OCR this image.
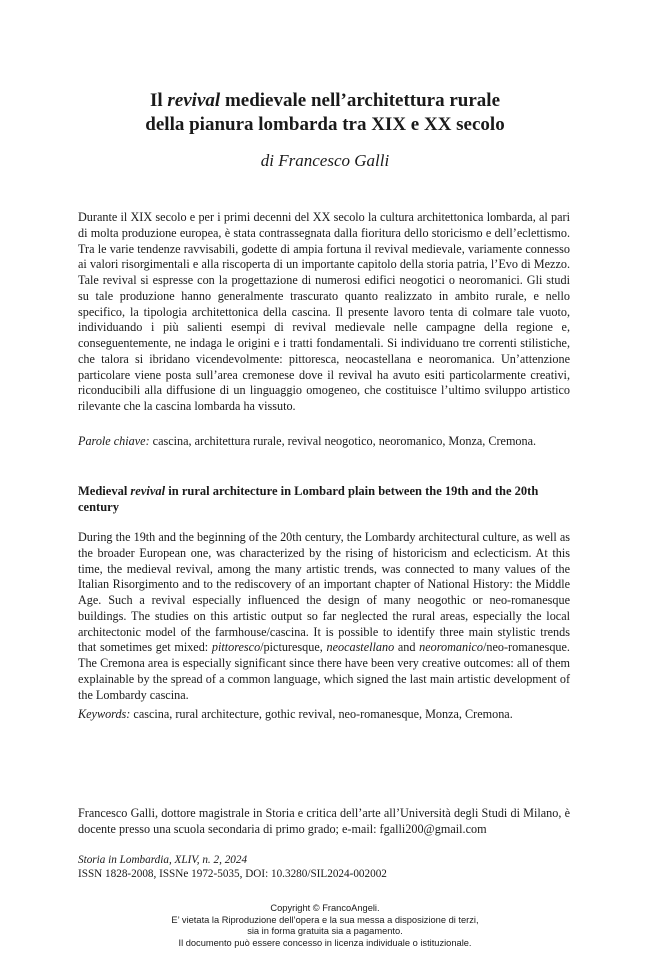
Il revival medievale nell’architettura rurale
della pianura lombarda tra XIX e XX secolo

di Francesco Galli

Durante il XIX secolo e per i primi decenni del XX secolo la cultura architettonica lombarda, al pari di molta produzione europea, è stata contrassegnata dalla fioritura dello storicismo e dell’eclettismo. Tra le varie tendenze ravvisabili, godette di ampia fortuna il revival medievale, variamente connesso ai valori risorgimentali e alla riscoperta di un importante capitolo della storia patria, l’Evo di Mezzo. Tale revival si espresse con la progettazione di numerosi edifici neogotici o neoromanici. Gli studi su tale produzione hanno generalmente trascurato quanto realizzato in ambito rurale, e nello specifico, la tipologia architettonica della cascina. Il presente lavoro tenta di colmare tale vuoto, individuando i più salienti esempi di revival medievale nelle campagne della regione e, conseguentemente, ne indaga le origini e i tratti fondamentali. Si individuano tre correnti stilistiche, che talora si ibridano vicendevolmente: pittoresca, neocastellana e neoromanica. Un’attenzione particolare viene posta sull’area cremonese dove il revival ha avuto esiti particolarmente creativi, riconducibili alla diffusione di un linguaggio omogeneo, che costituisce l’ultimo sviluppo artistico rilevante che la cascina lombarda ha vissuto.

Parole chiave: cascina, architettura rurale, revival neogotico, neoromanico, Monza, Cremona.

Medieval revival in rural architecture in Lombard plain between the 19th and the 20th century

During the 19th and the beginning of the 20th century, the Lombardy architectural culture, as well as the broader European one, was characterized by the rising of historicism and eclecticism. At this time, the medieval revival, among the many artistic trends, was connected to many values of the Italian Risorgimento and to the rediscovery of an important chapter of National History: the Middle Age. Such a revival especially influenced the design of many neogothic or neo-romanesque buildings. The studies on this artistic output so far neglected the rural areas, especially the local architectonic model of the farmhouse/cascina. It is possible to identify three main stylistic trends that sometimes get mixed: pittoresco/picturesque, neocastellano and neoromanico/neo-romanesque. The Cremona area is especially significant since there have been very creative outcomes: all of them explainable by the spread of a common language, which signed the last main artistic development of the Lombardy cascina.

Keywords: cascina, rural architecture, gothic revival, neo-romanesque, Monza, Cremona.

Francesco Galli, dottore magistrale in Storia e critica dell’arte all’Università degli Studi di Milano, è docente presso una scuola secondaria di primo grado; e-mail: fgalli200@gmail.com

Storia in Lombardia, XLIV, n. 2, 2024
ISSN 1828-2008, ISSNe 1972-5035, DOI: 10.3280/SIL2024-002002
Copyright © FrancoAngeli.
E’ vietata la Riproduzione dell’opera e la sua messa a disposizione di terzi,
sia in forma gratuita sia a pagamento.
Il documento può essere concesso in licenza individuale o istituzionale.
